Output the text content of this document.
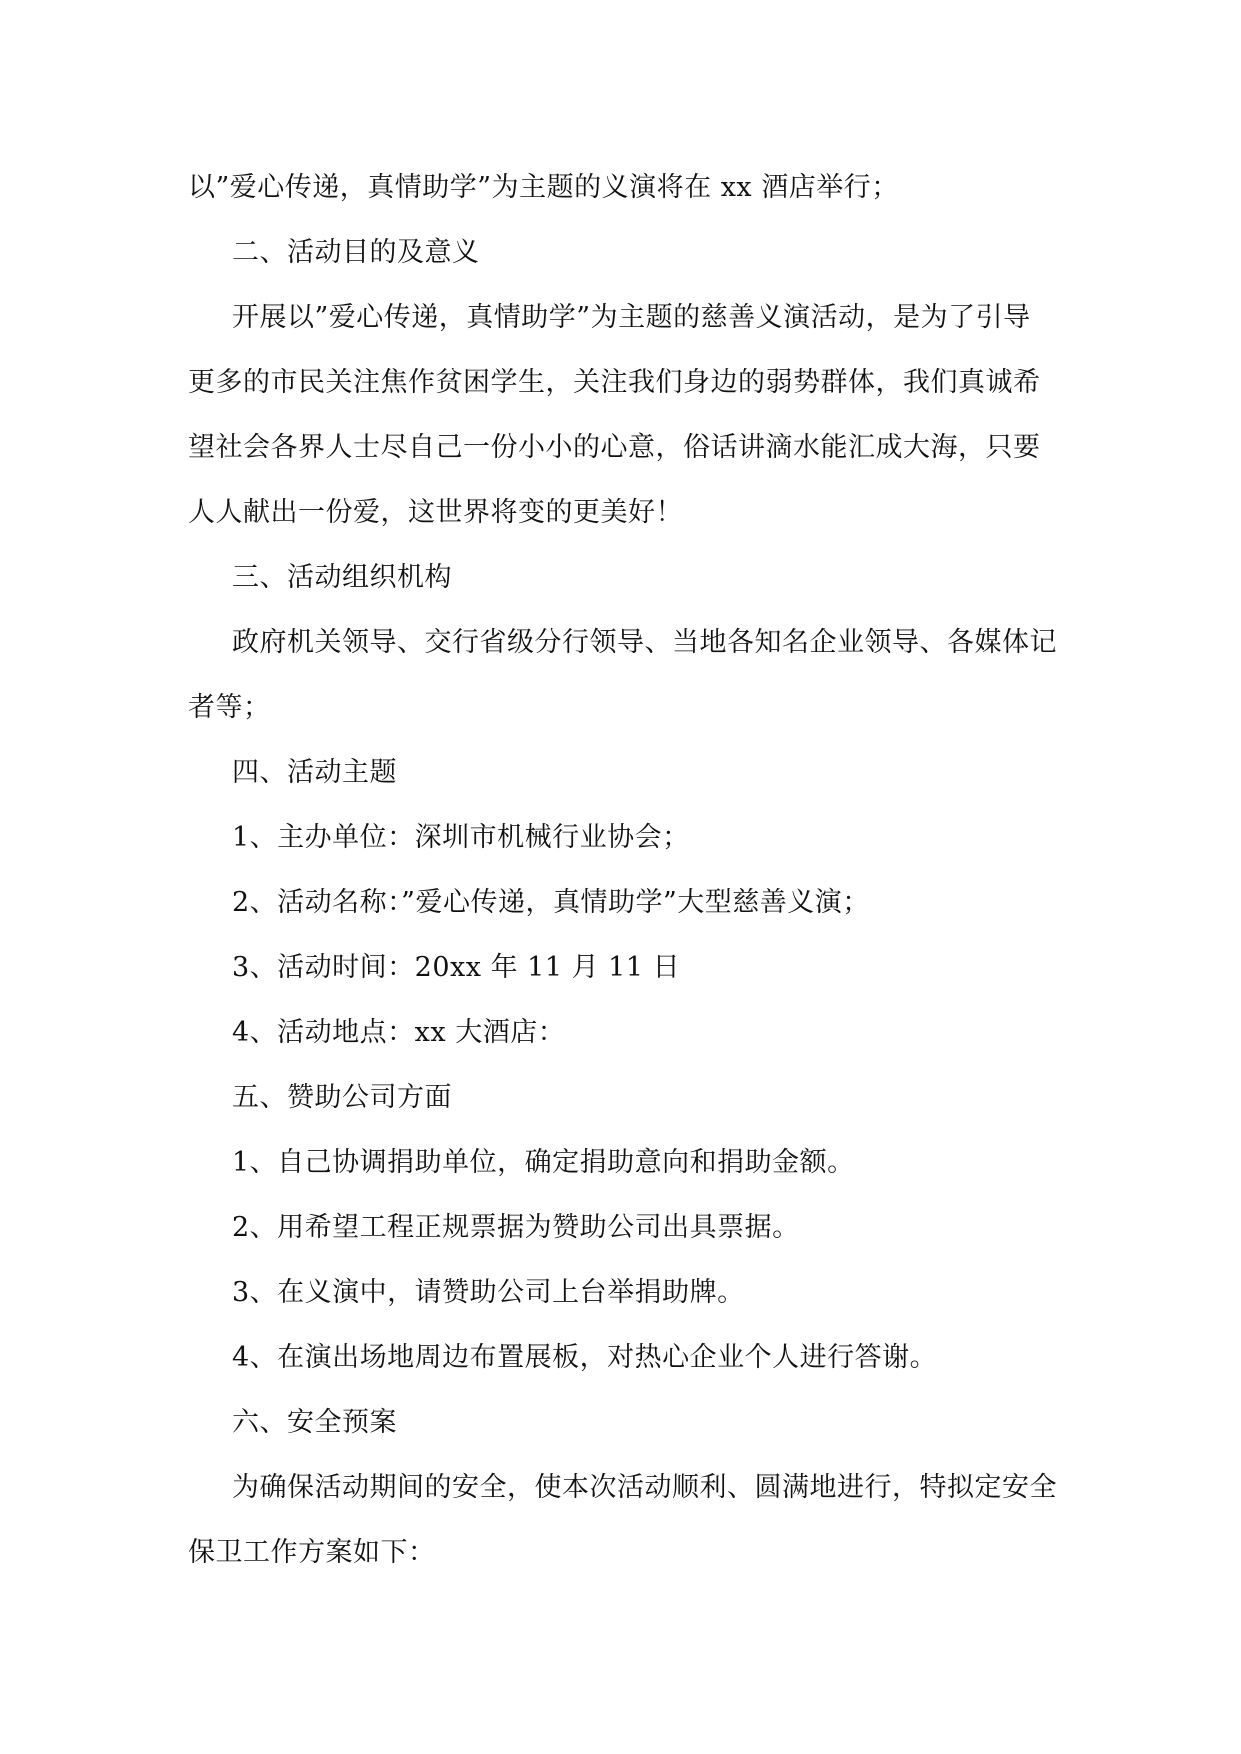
以”爱心传递，真情助学”为主题的义演将在 xx 酒店举行；

二、活动目的及意义

开展以”爱心传递，真情助学”为主题的慈善义演活动，是为了引导更多的市民关注焦作贫困学生，关注我们身边的弱势群体，我们真诚希望社会各界人士尽自己一份小小的心意，俗话讲滴水能汇成大海，只要人人献出一份爱，这世界将变的更美好！

三、活动组织机构

政府机关领导、交行省级分行领导、当地各知名企业领导、各媒体记者等；

四、活动主题

1、主办单位：深圳市机械行业协会；

2、活动名称：”爱心传递，真情助学”大型慈善义演；

3、活动时间：20xx 年 11 月 11 日

4、活动地点：xx 大酒店：

五、赞助公司方面

1、自己协调捐助单位，确定捐助意向和捐助金额。

2、用希望工程正规票据为赞助公司出具票据。

3、在义演中，请赞助公司上台举捐助牌。

4、在演出场地周边布置展板，对热心企业个人进行答谢。

六、安全预案

为确保活动期间的安全，使本次活动顺利、圆满地进行，特拟定安全保卫工作方案如下：
